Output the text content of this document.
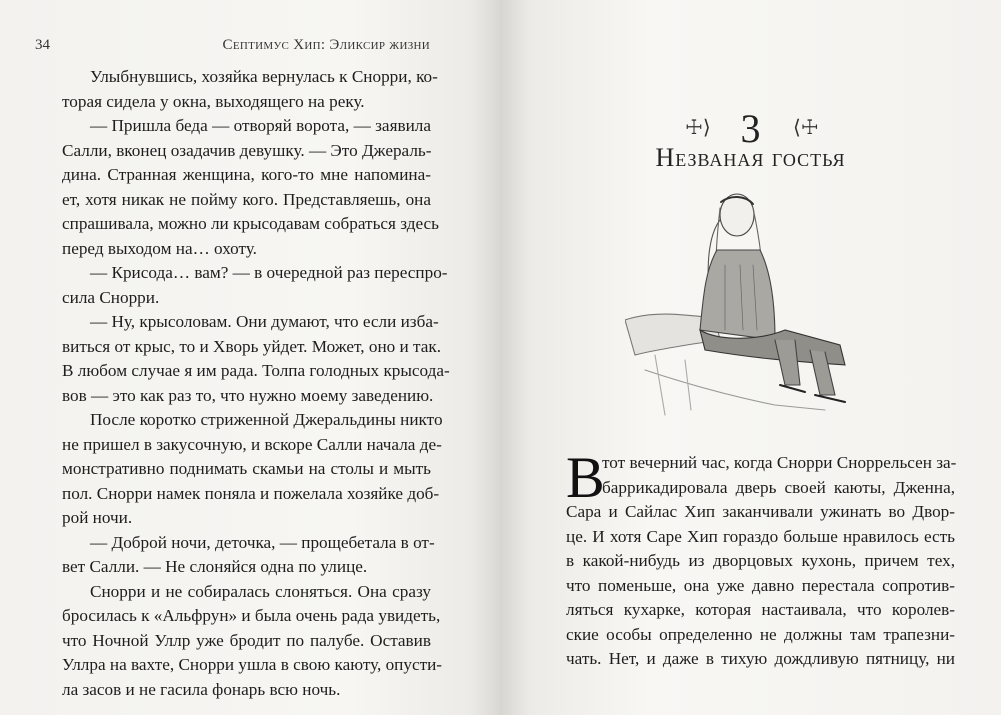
34	Септимус Хип: Эликсир жизни
Улыбнувшись, хозяйка вернулась к Снорри, ко-
торая сидела у окна, выходящего на реку.
— Пришла беда — отворяй ворота, — заявила
Салли, вконец озадачив девушку. — Это Джераль-
дина. Странная женщина, кого-то мне напомина-
ет, хотя никак не пойму кого. Представляешь, она
спрашивала, можно ли крысодавам собраться здесь
перед выходом на… охоту.
— Крисода… вам? — в очередной раз переспро-
сила Снорри.
— Ну, крысоловам. Они думают, что если изба-
виться от крыс, то и Хворь уйдет. Может, оно и так.
В любом случае я им рада. Толпа голодных крысода-
вов — это как раз то, что нужно моему заведению.
После коротко стриженной Джеральдины никто
не пришел в закусочную, и вскоре Салли начала де-
монстративно поднимать скамьи на столы и мыть
пол. Снорри намек поняла и пожелала хозяйке доб-
рой ночи.
— Доброй ночи, деточка, — прощебетала в от-
вет Салли. — Не слоняйся одна по улице.
Снорри и не собиралась слоняться. Она сразу
бросилась к «Альфрун» и была очень рада увидеть,
что Ночной Уллр уже бродит по палубе. Оставив
Уллра на вахте, Снорри ушла в свою каюту, опусти-
ла засов и не гасила фонарь всю ночь.
☩⟩ 3	⟨☩
Незваная гостья
В
тот вечерний час, когда Снорри Сноррельсен за-
баррикадировала дверь своей каюты, Дженна,
Сара и Сайлас Хип заканчивали ужинать во Двор-
це. И хотя Саре Хип гораздо больше нравилось есть
в какой-нибудь из дворцовых кухонь, причем тех,
что поменьше, она уже давно перестала сопротив-
ляться кухарке, которая настаивала, что королев-
ские особы определенно не должны там трапезни-
чать. Нет, и даже в тихую дождливую пятницу, ни
